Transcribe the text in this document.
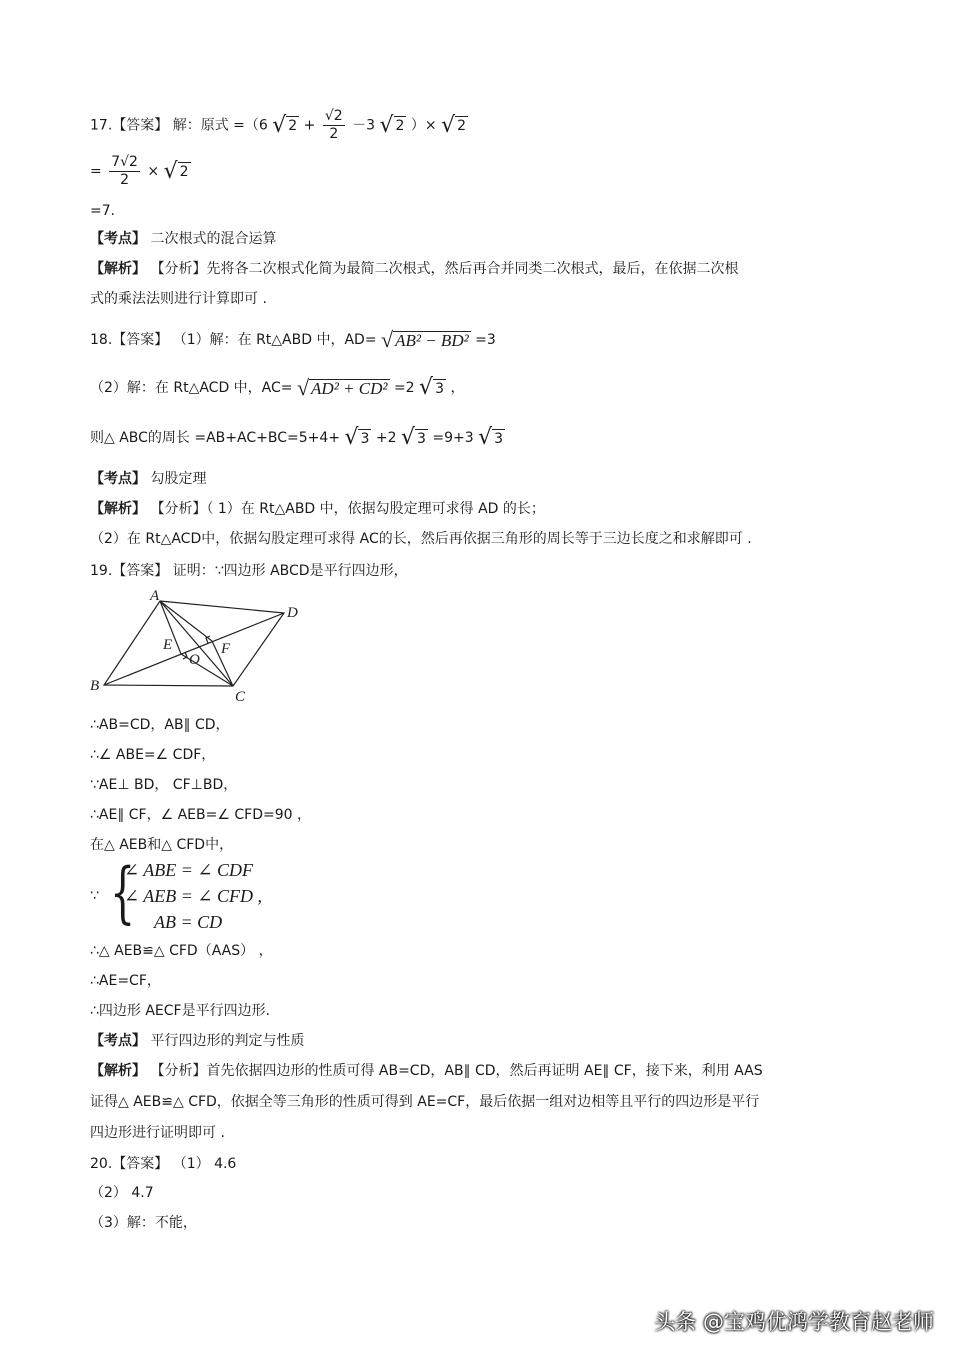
17.【答案】 解：原式 =（6 √ $2 + \frac{√2}{2} -3$ √ 2 ）× √ 2
= $\frac{7√2}{2}$ × √ 2
=7．
【考点】 二次根式的混合运算
【解析】 【分析】先将各二次根式化简为最简二次根式，然后再合并同类二次根式，最后，在依据二次根
式的乘法法则进行计算即可 .
18.【答案】 （1）解：在 Rt△ABD 中，AD= √ AB² − BD² =3
（2）解：在 Rt△ACD 中，AC= √ AD² + CD² =2 √ 3 ，
则△ ABC的周长 =AB+AC+BC=5+4+ √ 3 +2 √ 3 =9+3 √ 3
【考点】 勾股定理
【解析】 【分析】（ 1）在 Rt△ABD 中，依据勾股定理可求得 AD 的长；
（2）在 Rt△ACD中，依据勾股定理可求得 AC的长，然后再依据三角形的周长等于三边长度之和求解即可 .
19.【答案】 证明：∵四边形 ABCD是平行四边形，
A
D
B
C
E	F
O
∴AB=CD，AB∥ CD，
∴∠ ABE=∠ CDF，
∵AE⊥ BD， CF⊥BD，
∴AE∥ CF，∠ AEB=∠ CFD=90 ，
在△ AEB和△ CFD中，
∵ {
∠ ABE = ∠ CDF
∠ AEB = ∠ CFD ,
AB = CD
∴△ AEB≌△ CFD（AAS） ，
∴AE=CF，
∴四边形 AECF是平行四边形．
【考点】 平行四边形的判定与性质
【解析】 【分析】首先依据四边形的性质可得 AB=CD，AB∥ CD，然后再证明 AE∥ CF，接下来，利用 AAS
证得△ AEB≌△ CFD，依据全等三角形的性质可得到 AE=CF，最后依据一组对边相等且平行的四边形是平行
四边形进行证明即可 .
20.【答案】 （1） 4.6
（2） 4.7
（3）解：不能，
头条 @宝鸡优鸿学教育赵老师
